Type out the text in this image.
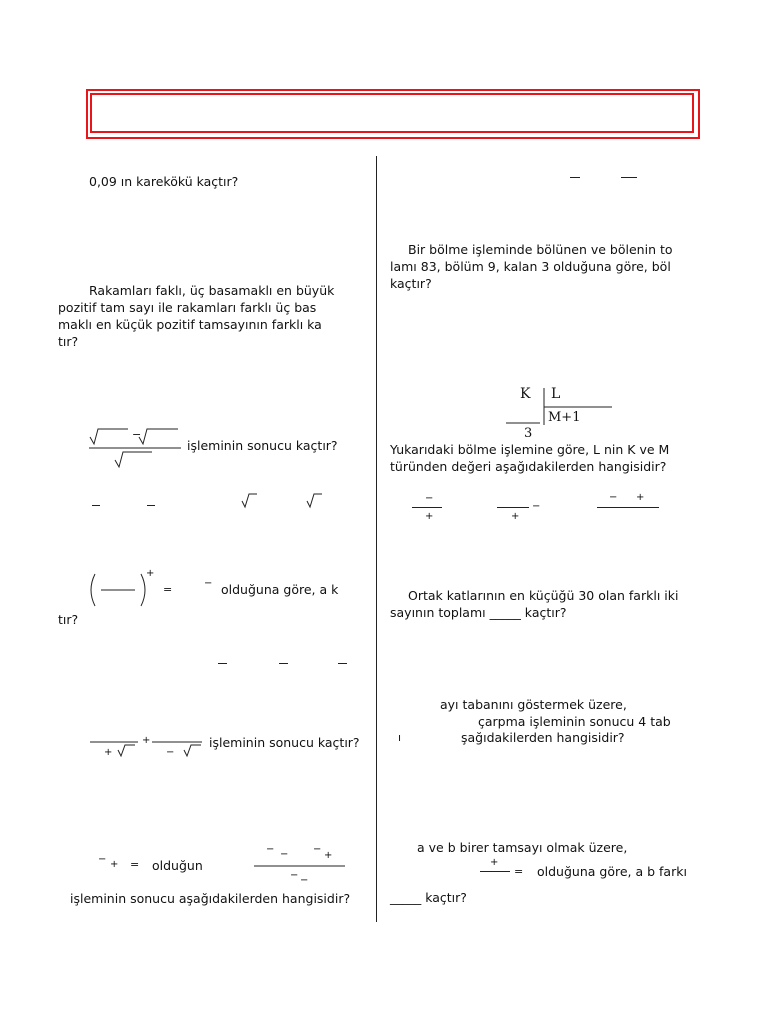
0,09 ın karekökü kaçtır?
Rakamları faklı, üç basamaklı en büyük
pozitif tam sayı ile rakamları farklı üç bas
maklı en küçük pozitif tamsayının farklı ka
tır?
−
işleminin sonucu kaçtır?
+
=	− olduğuna göre, a k
tır?
+
+
−
işleminin sonucu kaçtır?
− + = olduğun
− − −
+
− −
işleminin sonucu aşağıdakilerden hangisidir?
Bir bölme işleminde bölünen ve bölenin to
lamı 83, bölüm 9, kalan 3 olduğuna göre, böl
kaçtır?
K L
M+1
3
Yukarıdaki bölme işlemine göre, L nin K ve M
türünden değeri aşağıdakilerden hangisidir?
−
+
−
+
− +
Ortak katlarının en küçüğü 30 olan farklı iki
sayının toplamı _____ kaçtır?
ayı tabanını göstermek üzere,
çarpma işleminin sonucu 4 tab
ı	şağıdakilerden hangisidir?
a ve b birer tamsayı olmak üzere,
+
= olduğuna göre, a b farkı
_____ kaçtır?
